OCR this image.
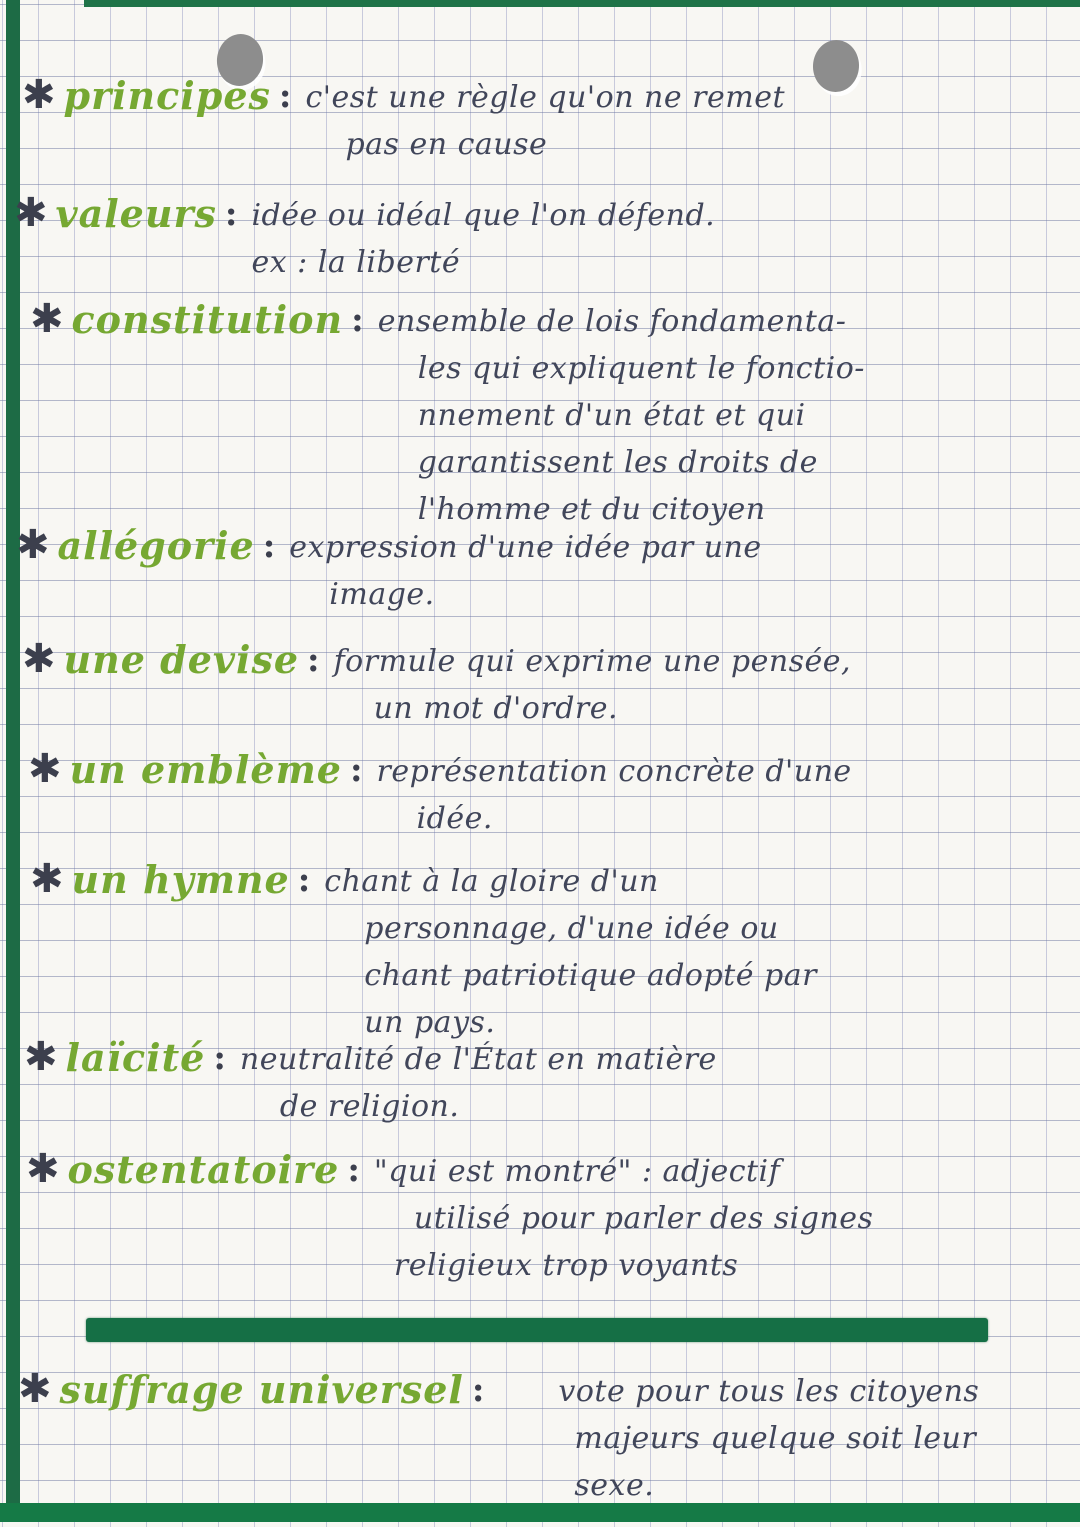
✱ principes : c'est une règle qu'on ne remet
pas en cause
✱ valeurs : idée ou idéal que l'on défend.
ex : la liberté
✱ constitution : ensemble de lois fondamenta-
les qui expliquent le fonctio-
nnement d'un état et qui
garantissent les droits de
l'homme et du citoyen
✱ allégorie : expression d'une idée par une
image.
✱ une devise : formule qui exprime une pensée,
un mot d'ordre.
✱ un emblème : représentation concrète d'une
idée.
✱ un hymne : chant à la gloire d'un
personnage, d'une idée ou
chant patriotique adopté par
un pays.
✱ laïcité : neutralité de l'État en matière
de religion.
✱ ostentatoire : "qui est montré" : adjectif
utilisé pour parler des signes
religieux trop voyants
✱ suffrage universel : vote pour tous les citoyens
majeurs quelque soit leur
sexe.
